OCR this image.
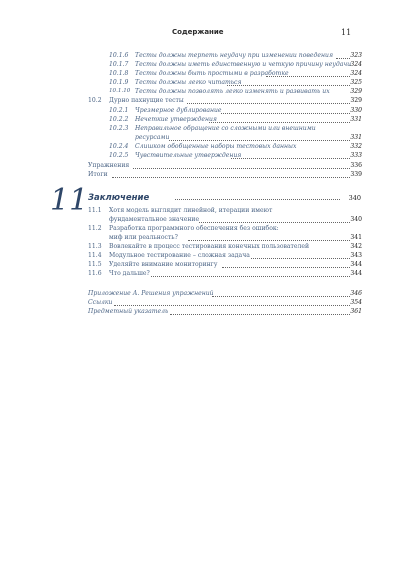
Содержание	11
10.1.6 Тесты должны терпеть неудачу при изменении поведения	323
10.1.7 Тесты должны иметь единственную и четкую причину неудачи 324
10.1.8 Тесты должны быть простыми в разработке	324
10.1.9 Тесты должны легко читаться	325
10.1.10 Тесты должны позволять легко изменять и развивать их	329
10.2 Дурно пахнущие тесты	329
10.2.1 Чрезмерное дублирование	330
10.2.2 Нечеткие утверждения	331
10.2.3 Неправильное обращение со сложными или внешними
ресурсами	331
10.2.4 Слишком обобщенные наборы тестовых данных	332
10.2.5 Чувствительные утверждения	333
Упражнения	336
Итоги	339
11 Заключение	340
11.1 Хотя модель выглядит линейной, итерации имеют
фундаментальное значение	340
11.2 Разработка программного обеспечения без ошибок:
миф или реальность?	341
11.3 Вовлекайте в процесс тестирования конечных пользователей	342
11.4 Модульное тестирование – сложная задача	343
11.5 Уделяйте внимание мониторингу	344
11.6 Что дальше?	344
Приложение А. Решения упражнений	346
Ссылки	354
Предметный указатель	361
